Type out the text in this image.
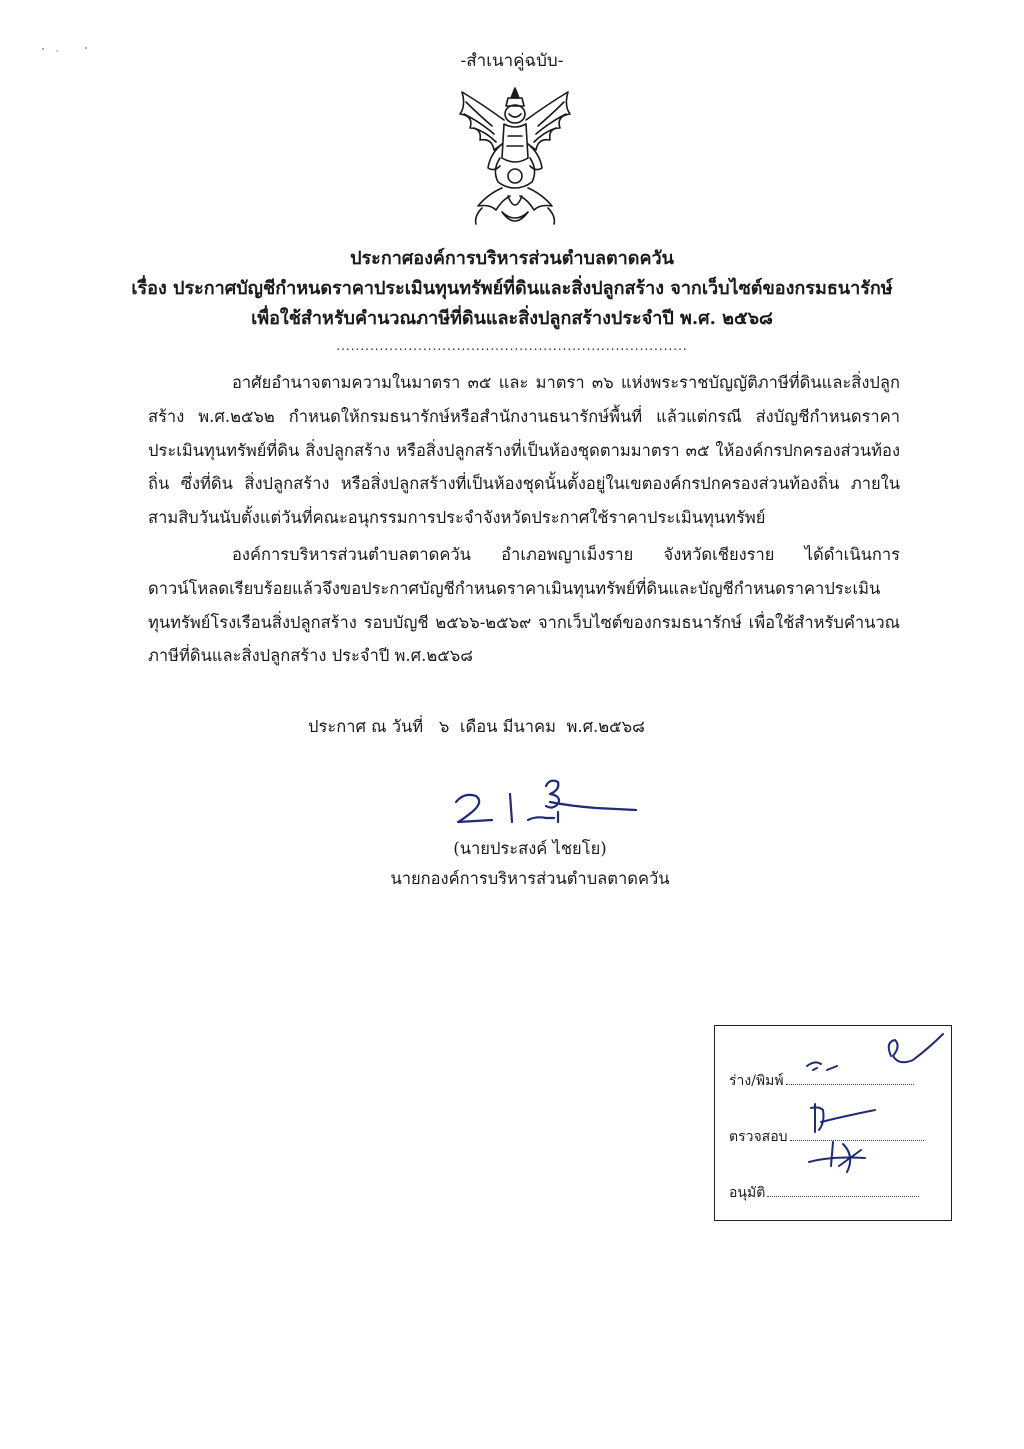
-สำเนาคู่ฉบับ-
ประกาศองค์การบริหารส่วนตำบลตาดควัน
เรื่อง ประกาศบัญชีกำหนดราคาประเมินทุนทรัพย์ที่ดินและสิ่งปลูกสร้าง จากเว็บไซต์ของกรมธนารักษ์
เพื่อใช้สำหรับคำนวณภาษีที่ดินและสิ่งปลูกสร้างประจำปี พ.ศ. ๒๕๖๘
.........................................................................

อาศัยอำนาจตามความในมาตรา ๓๕ และ มาตรา ๓๖ แห่งพระราชบัญญัติภาษีที่ดินและสิ่งปลูกสร้าง พ.ศ.๒๕๖๒ กำหนดให้กรมธนารักษ์หรือสำนักงานธนารักษ์พื้นที่ แล้วแต่กรณี ส่งบัญชีกำหนดราคาประเมินทุนทรัพย์ที่ดิน สิ่งปลูกสร้าง หรือสิ่งปลูกสร้างที่เป็นห้องชุดตามมาตรา ๓๕ ให้องค์กรปกครองส่วนท้องถิ่น ซึ่งที่ดิน สิ่งปลูกสร้าง หรือสิ่งปลูกสร้างที่เป็นห้องชุดนั้นตั้งอยู่ในเขตองค์กรปกครองส่วนท้องถิ่น ภายในสามสิบวันนับตั้งแต่วันที่คณะอนุกรรมการประจำจังหวัดประกาศใช้ราคาประเมินทุนทรัพย์

องค์การบริหารส่วนตำบลตาดควัน อำเภอพญาเม็งราย จังหวัดเชียงราย ได้ดำเนินการดาวน์โหลดเรียบร้อยแล้วจึงขอประกาศบัญชีกำหนดราคาเมินทุนทรัพย์ที่ดินและบัญชีกำหนดราคาประเมินทุนทรัพย์โรงเรือนสิ่งปลูกสร้าง รอบบัญชี ๒๕๖๖-๒๕๖๙ จากเว็บไซต์ของกรมธนารักษ์ เพื่อใช้สำหรับคำนวณภาษีที่ดินและสิ่งปลูกสร้าง ประจำปี พ.ศ.๒๕๖๘

ประกาศ ณ วันที่   ๖  เดือน มีนาคม  พ.ศ.๒๕๖๘
(นายประสงค์ ไชยโย)
นายกองค์การบริหารส่วนตำบลตาดควัน
ร่าง/พิมพ์
ตรวจสอบ
อนุมัติ
